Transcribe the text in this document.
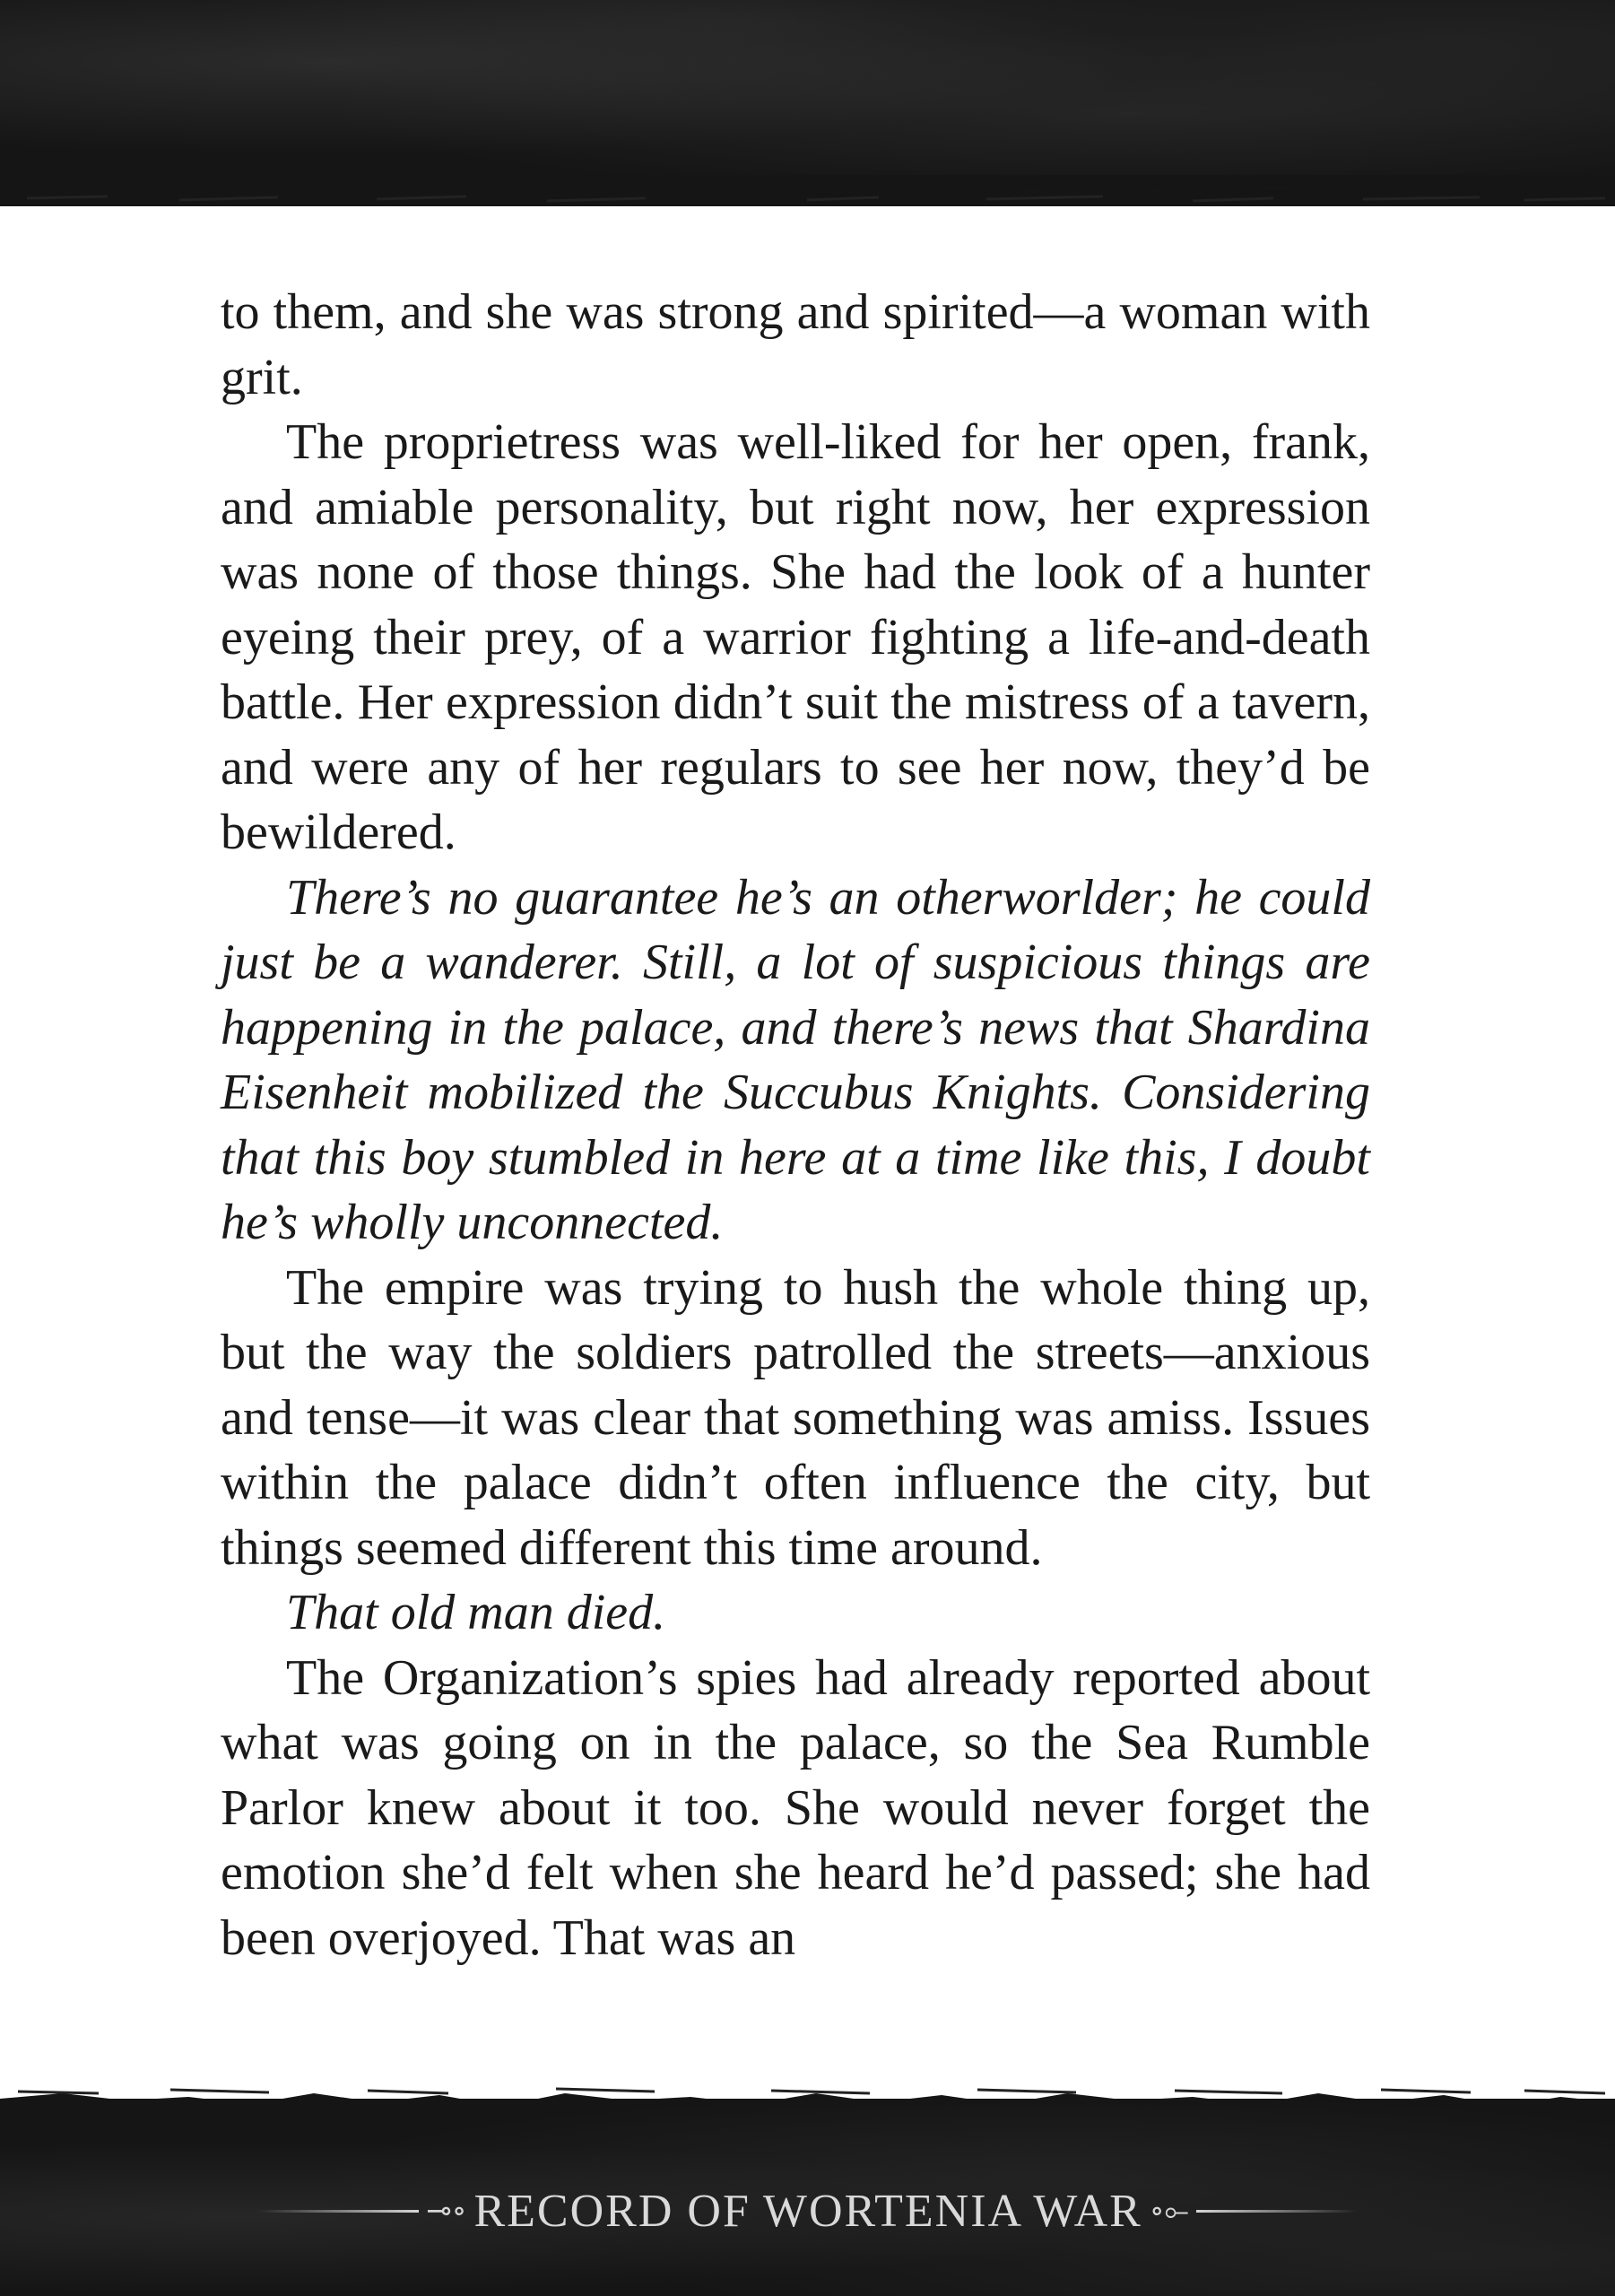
to them, and she was strong and spirited—a woman with grit.

The proprietress was well-liked for her open, frank, and amiable personality, but right now, her expression was none of those things. She had the look of a hunter eyeing their prey, of a warrior fighting a life-and-death battle. Her expression didn’t suit the mistress of a tavern, and were any of her regulars to see her now, they’d be bewildered.

There’s no guarantee he’s an otherworlder; he could just be a wanderer. Still, a lot of suspicious things are happening in the palace, and there’s news that Shardina Eisenheit mobilized the Succubus Knights. Considering that this boy stumbled in here at a time like this, I doubt he’s wholly unconnected.

The empire was trying to hush the whole thing up, but the way the soldiers patrolled the streets—anxious and tense—it was clear that something was amiss. Issues within the palace didn’t often influence the city, but things seemed different this time around.

That old man died.

The Organization’s spies had already reported about what was going on in the palace, so the Sea Rumble Parlor knew about it too. She would never forget the emotion she’d felt when she heard he’d passed; she had been overjoyed. That was an

⊸∘ RECORD OF WORTENIA WAR ∘⟜
